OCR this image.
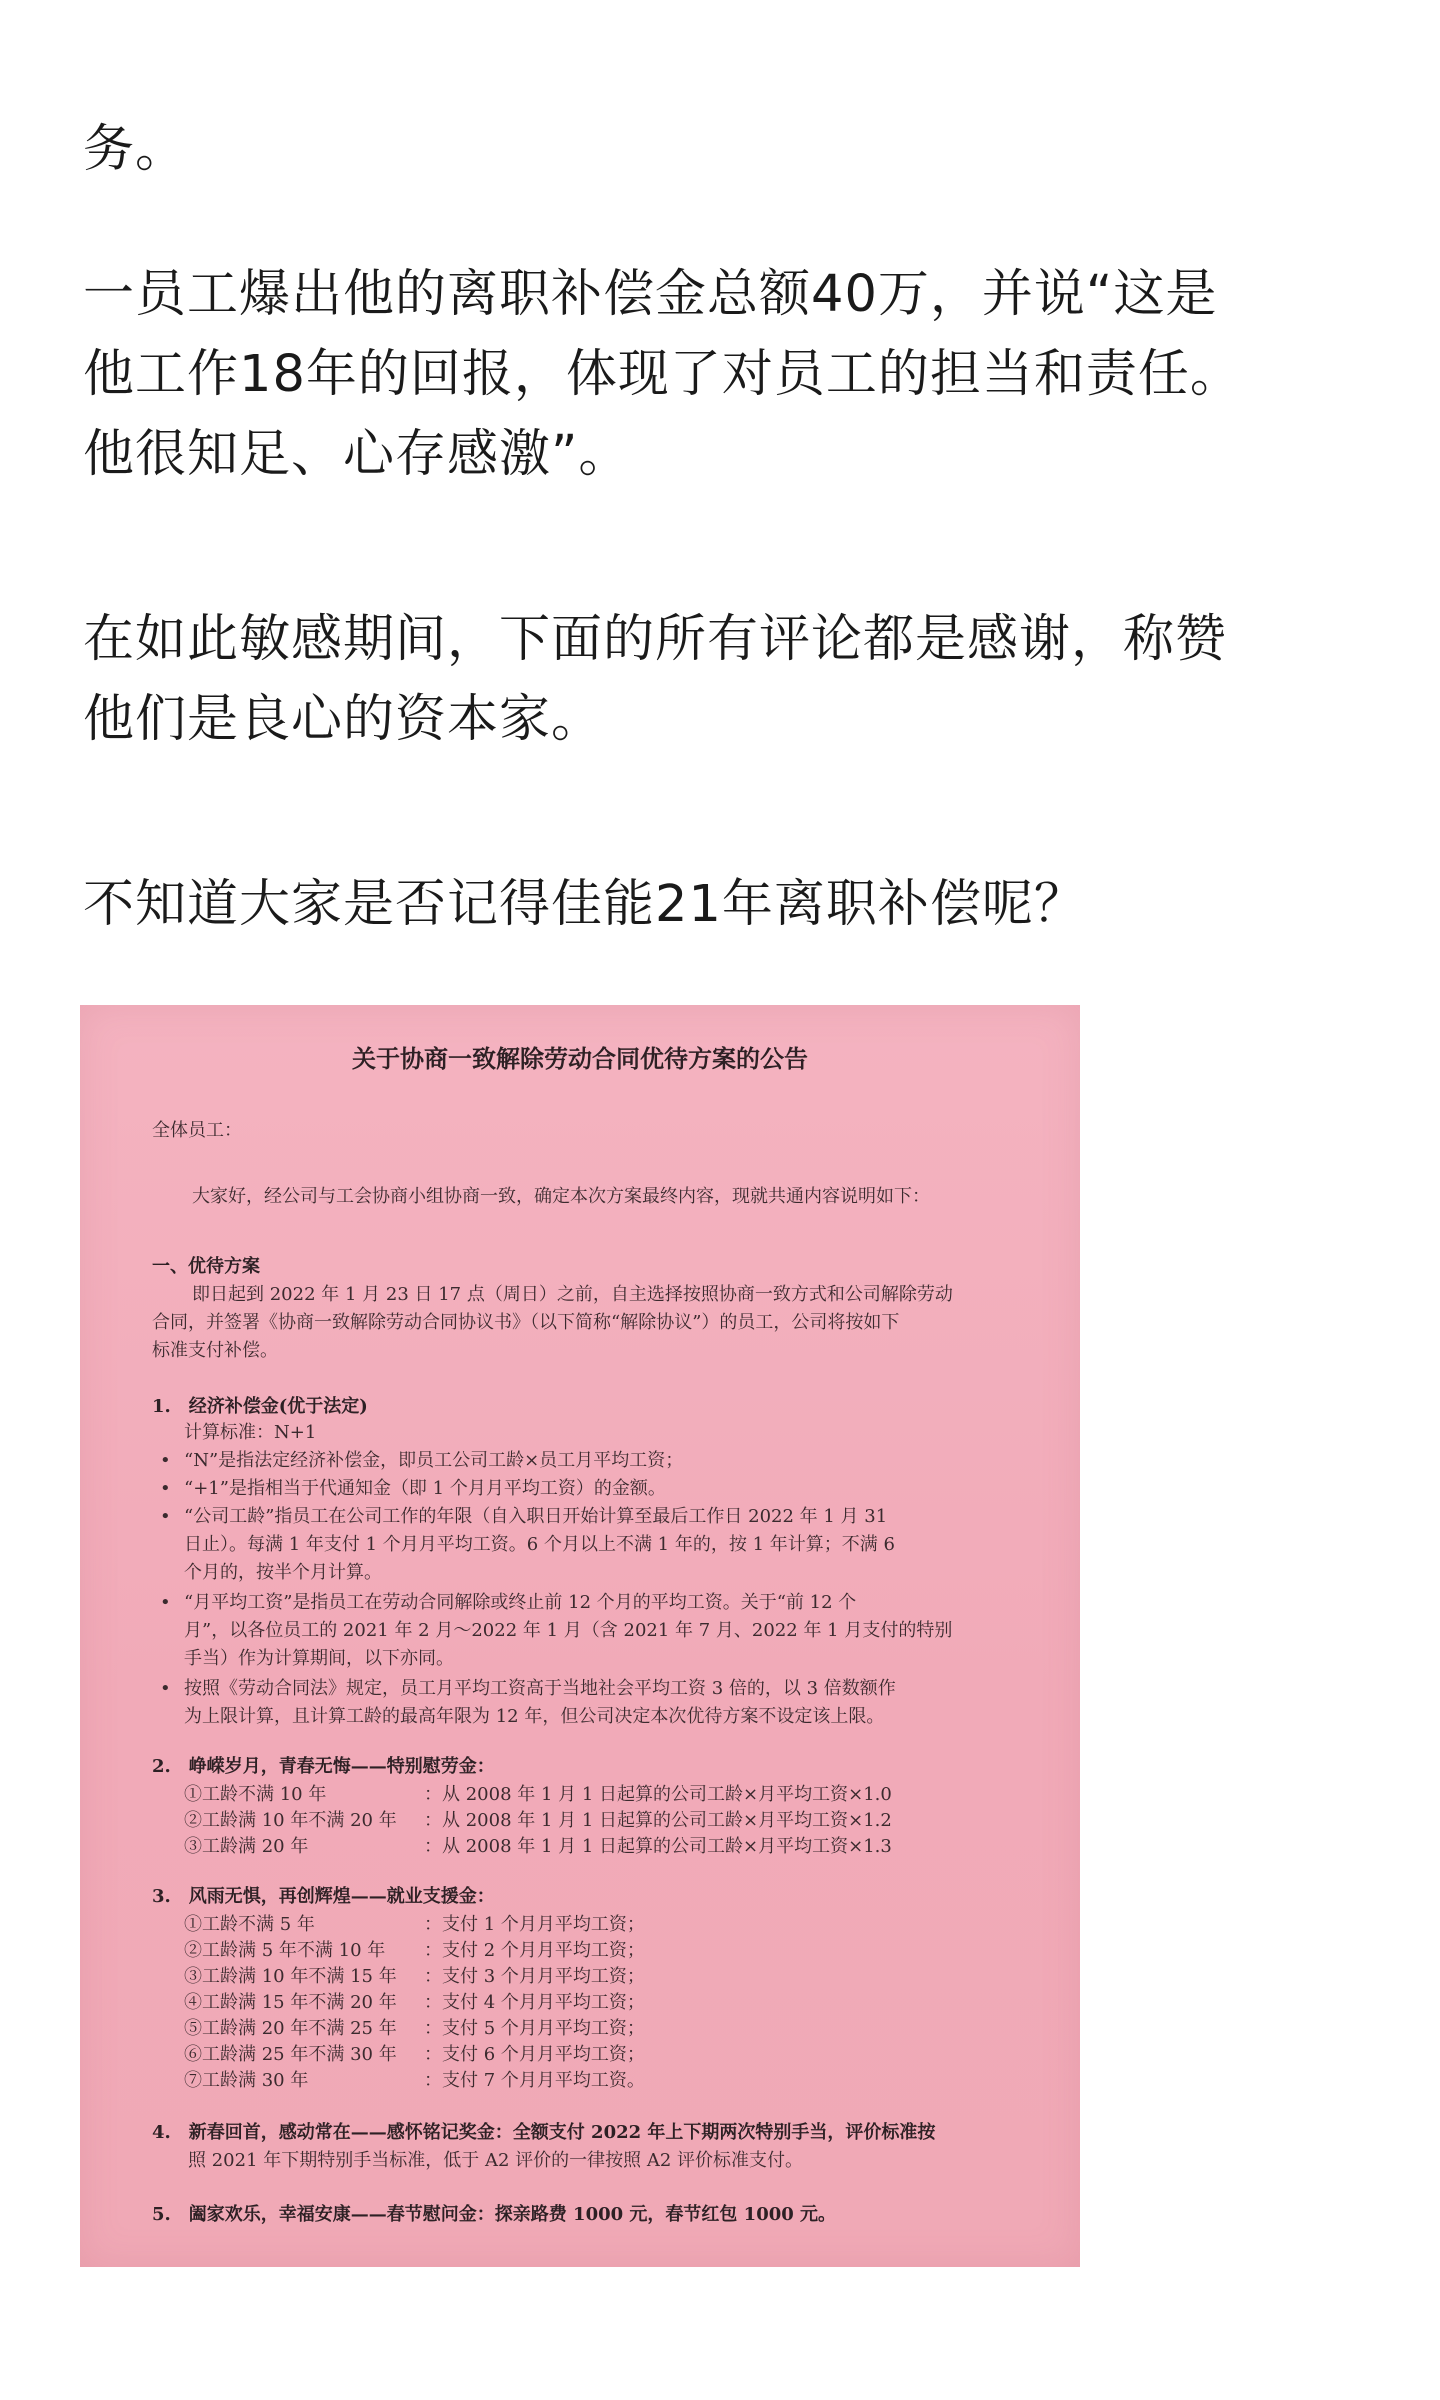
务。

一员工爆出他的离职补偿金总额40万，并说“这是
他工作18年的回报，体现了对员工的担当和责任。
他很知足、心存感激”。

在如此敏感期间，下面的所有评论都是感谢，称赞
他们是良心的资本家。

不知道大家是否记得佳能21年离职补偿呢？

关于协商一致解除劳动合同优待方案的公告
全体员工：
大家好，经公司与工会协商小组协商一致，确定本次方案最终内容，现就共通内容说明如下：
一、优待方案
即日起到 2022 年 1 月 23 日 17 点（周日）之前，自主选择按照协商一致方式和公司解除劳动
合同，并签署《协商一致解除劳动合同协议书》（以下简称“解除协议”）的员工，公司将按如下
标准支付补偿。
1.　经济补偿金(优于法定)
计算标准：N+1
• “N”是指法定经济补偿金，即员工公司工龄×员工月平均工资；
• “+1”是指相当于代通知金（即 1 个月月平均工资）的金额。
• “公司工龄”指员工在公司工作的年限（自入职日开始计算至最后工作日 2022 年 1 月 31
日止）。每满 1 年支付 1 个月月平均工资。6 个月以上不满 1 年的，按 1 年计算；不满 6
个月的，按半个月计算。
• “月平均工资”是指员工在劳动合同解除或终止前 12 个月的平均工资。关于“前 12 个
月”，以各位员工的 2021 年 2 月～2022 年 1 月（含 2021 年 7 月、2022 年 1 月支付的特别
手当）作为计算期间，以下亦同。
• 按照《劳动合同法》规定，员工月平均工资高于当地社会平均工资 3 倍的，以 3 倍数额作
为上限计算，且计算工龄的最高年限为 12 年，但公司决定本次优待方案不设定该上限。
2.　峥嵘岁月，青春无悔——特别慰劳金：
①工龄不满 10 年	：从 2008 年 1 月 1 日起算的公司工龄×月平均工资×1.0
②工龄满 10 年不满 20 年 ：从 2008 年 1 月 1 日起算的公司工龄×月平均工资×1.2
③工龄满 20 年	：从 2008 年 1 月 1 日起算的公司工龄×月平均工资×1.3
3.　风雨无惧，再创辉煌——就业支援金：
①工龄不满 5 年	：支付 1 个月月平均工资；
②工龄满 5 年不满 10 年 ：支付 2 个月月平均工资；
③工龄满 10 年不满 15 年 ：支付 3 个月月平均工资；
④工龄满 15 年不满 20 年 ：支付 4 个月月平均工资；
⑤工龄满 20 年不满 25 年 ：支付 5 个月月平均工资；
⑥工龄满 25 年不满 30 年 ：支付 6 个月月平均工资；
⑦工龄满 30 年	：支付 7 个月月平均工资。
4.　新春回首，感动常在——感怀铭记奖金：全额支付 2022 年上下期两次特别手当，评价标准按
　　照 2021 年下期特别手当标准，低于 A2 评价的一律按照 A2 评价标准支付。
5.　阖家欢乐，幸福安康——春节慰问金：探亲路费 1000 元，春节红包 1000 元。
